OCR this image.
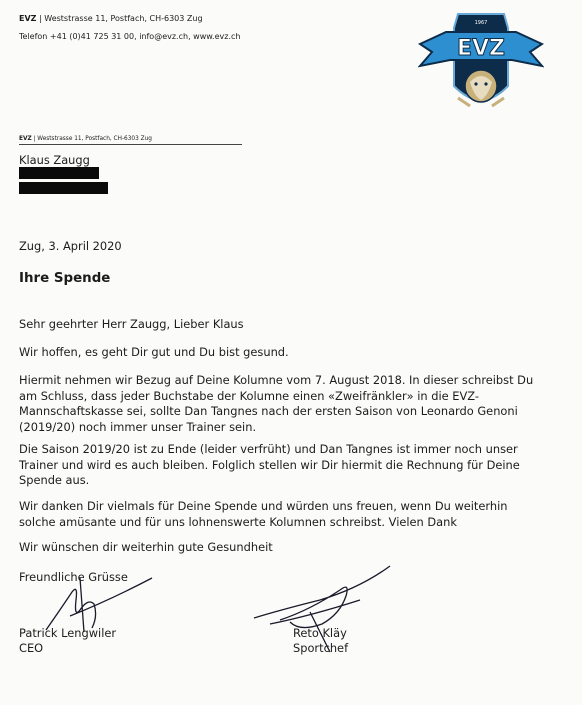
EVZ | Weststrasse 11, Postfach, CH-6303 Zug
Telefon +41 (0)41 725 31 00, info@evz.ch, www.evz.ch
1967
EVZ
EVZ | Weststrasse 11, Postfach, CH-6303 Zug
Klaus Zaugg
Zug, 3. April 2020
Ihre Spende
Sehr geehrter Herr Zaugg, Lieber Klaus
Wir hoffen, es geht Dir gut und Du bist gesund.
Hiermit nehmen wir Bezug auf Deine Kolumne vom 7. August 2018. In dieser schreibst Du
am Schluss, dass jeder Buchstabe der Kolumne einen «Zweifränkler» in die EVZ-
Mannschaftskasse sei, sollte Dan Tangnes nach der ersten Saison von Leonardo Genoni
(2019/20) noch immer unser Trainer sein.
Die Saison 2019/20 ist zu Ende (leider verfrüht) und Dan Tangnes ist immer noch unser
Trainer und wird es auch bleiben. Folglich stellen wir Dir hiermit die Rechnung für Deine
Spende aus.
Wir danken Dir vielmals für Deine Spende und würden uns freuen, wenn Du weiterhin
solche amüsante und für uns lohnenswerte Kolumnen schreibst. Vielen Dank
Wir wünschen dir weiterhin gute Gesundheit
Freundliche Grüsse
Patrick Lengwiler
CEO
Reto Kläy
Sportchef
